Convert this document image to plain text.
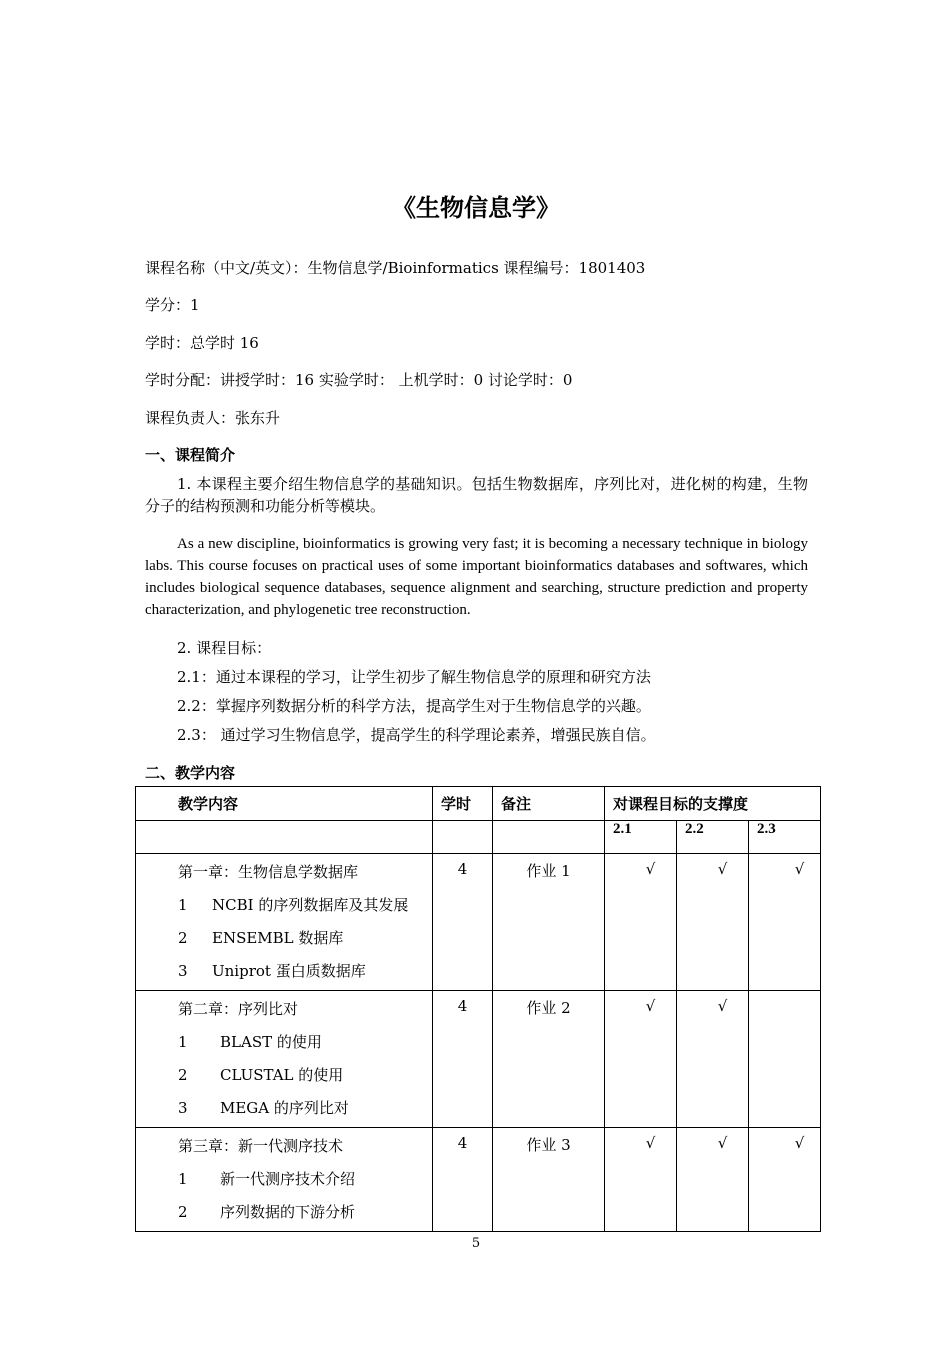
《生物信息学》
课程名称（中文/英文）：生物信息学/Bioinformatics 课程编号：1801403
学分：1
学时：总学时 16
学时分配：讲授学时：16 实验学时： 上机学时：0 讨论学时：0
课程负责人：张东升
一、课程简介
1. 本课程主要介绍生物信息学的基础知识。包括生物数据库，序列比对，进化树的构建，生物分子的结构预测和功能分析等模块。
As a new discipline, bioinformatics is growing very fast; it is becoming a necessary technique in biology labs. This course focuses on practical uses of some important bioinformatics databases and softwares, which includes biological sequence databases, sequence alignment and searching, structure prediction and property characterization, and phylogenetic tree reconstruction.
2. 课程目标：
2.1：通过本课程的学习，让学生初步了解生物信息学的原理和研究方法
2.2：掌握序列数据分析的科学方法，提高学生对于生物信息学的兴趣。
2.3： 通过学习生物信息学，提高学生的科学理论素养，增强民族自信。
二、教学内容
教学内容	学时	备注	对课程目标的支撑度		
			2.1	2.2	2.3

第一章：生物信息学数据库
1 NCBI 的序列数据库及其发展
2 ENSEMBL 数据库
3 Uniprot 蛋白质数据库	4	作业 1	√	√	√

第二章：序列比对
1 BLAST 的使用
2 CLUSTAL 的使用
3 MEGA 的序列比对	4	作业 2	√	√	

第三章：新一代测序技术
1 新一代测序技术介绍
2 序列数据的下游分析	4	作业 3	√	√	√
5
